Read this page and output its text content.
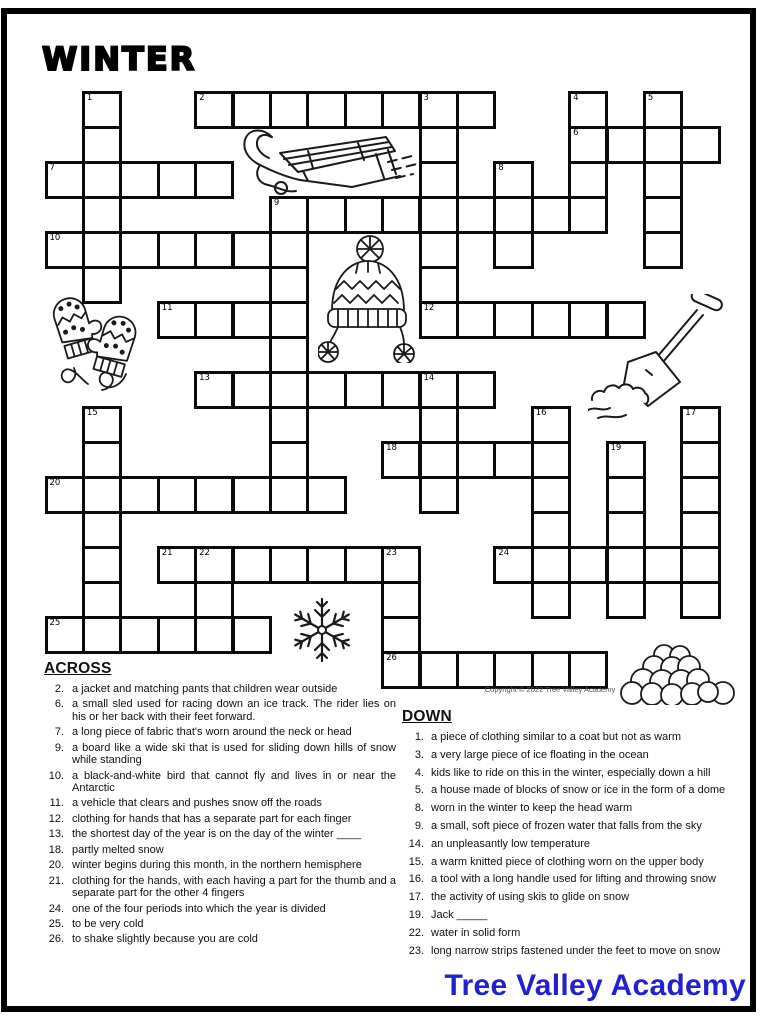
WINTER
1	2	3
12
4
6
5
7	8
9
10
11
13	14
15	16	17
18	19
20
21	22	23
26
24
25
ACROSS
2. a jacket and matching pants that children wear outside
6. a small sled used for racing down an ice track. The rider lies on his or her back with their feet forward.
7. a long piece of fabric that's worn around the neck or head
9. a board like a wide ski that is used for sliding down hills of snow while standing
10. a black-and-white bird that cannot fly and lives in or near the Antarctic
11. a vehicle that clears and pushes snow off the roads
12. clothing for hands that has a separate part for each finger
13. the shortest day of the year is on the day of the winter ____
18. partly melted snow
20. winter begins during this month, in the northern hemisphere
21. clothing for the hands, with each having a part for the thumb and a separate part for the other 4 fingers
24. one of the four periods into which the year is divided
25. to be very cold
26. to shake slightly because you are cold
DOWN
1. a piece of clothing similar to a coat but not as warm
3. a very large piece of ice floating in the ocean
4. kids like to ride on this in the winter, especially down a hill
5. a house made of blocks of snow or ice in the form of a dome
8. worn in the winter to keep the head warm
9. a small, soft piece of frozen water that falls from the sky
14. an unpleasantly low temperature
15. a warm knitted piece of clothing worn on the upper body
16. a tool with a long handle used for lifting and throwing snow
17. the activity of using skis to glide on snow
19. Jack _____
22. water in solid form
23. long narrow strips fastened under the feet to move on snow
Copyright © 2022 Tree Valley Academy
Tree Valley Academy
